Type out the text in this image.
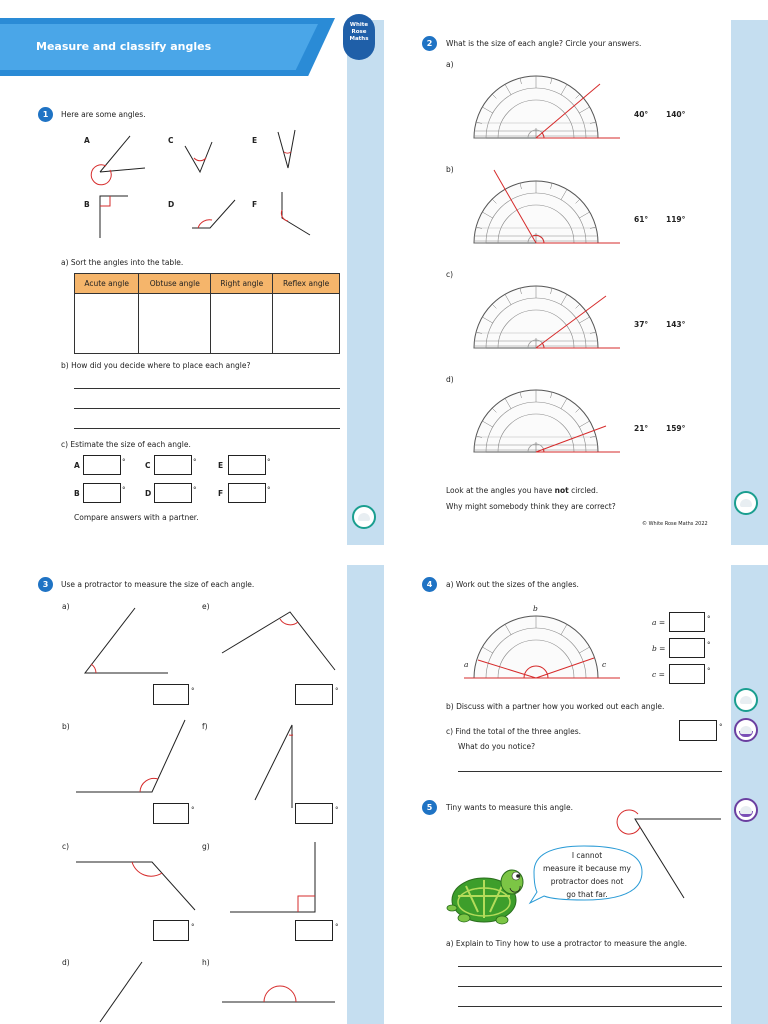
Measure and classify angles
White
Rose
Maths
1	Here are some angles.
A
B
C
D
E
F
a) Sort the angles into the table.
Acute angle	Obtuse angle	Right angle	Reflex angle

b) How did you decide where to place each angle?
c) Estimate the size of each angle.
A	°	C	°	E	°
B	°	D	°	F	°
Compare answers with a partner.
2	What is the size of each angle? Circle your answers.
a)
b)
c)
d)
40° 140°
61° 119°
37° 143°
21° 159°
Look at the angles you have not circled.
Why might somebody think they are correct?
© White Rose Maths 2022
3	Use a protractor to measure the size of each angle.
a)
b)
c)
d)
e)
f)
g)
h)
°
°
°
°
°
°
4	a) Work out the sizes of the angles.
a
b
c
a =	°
b =	°
c =	°
b) Discuss with a partner how you worked out each angle.
c) Find the total of the three angles.	°
What do you notice?
5	Tiny wants to measure this angle.
I cannot
measure it because my
protractor does not
go that far.
a) Explain to Tiny how to use a protractor to measure the angle.
